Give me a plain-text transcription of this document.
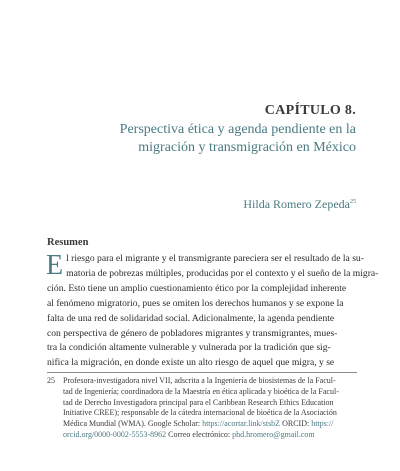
CAPÍTULO 8.
Perspectiva ética y agenda pendiente en la
migración y transmigración en México
Hilda Romero Zepeda$^{25}$
Resumen
E l riesgo para el migrante y el transmigrante pareciera ser el resultado de la su-
matoria de pobrezas múltiples, producidas por el contexto y el sueño de la migra-
ción. Esto tiene un amplio cuestionamiento ético por la complejidad inherente
al fenómeno migratorio, pues se omiten los derechos humanos y se expone la
falta de una red de solidaridad social. Adicionalmente, la agenda pendiente
con perspectiva de género de pobladores migrantes y transmigrantes, mues-
tra la condición altamente vulnerable y vulnerada por la tradición que sig-
nifica la migración, en donde existe un alto riesgo de aquel que migra, y se
25 Profesora-investigadora nivel VII, adscrita a la Ingeniería de biosistemas de la Facul-
tad de Ingeniería; coordinadora de la Maestría en ética aplicada y bioética de la Facul-
tad de Derecho Investigadora principal para el Caribbean Research Ethics Education
Initiative CREE); responsable de la cátedra internacional de bioética de la Asociación
Médica Mundial (WMA). Google Scholar: https://acortar.link/stsbZ ORCID: https://
orcid.org/0000-0002-5553-8962 Correo electrónico: phd.hromero@gmail.com
